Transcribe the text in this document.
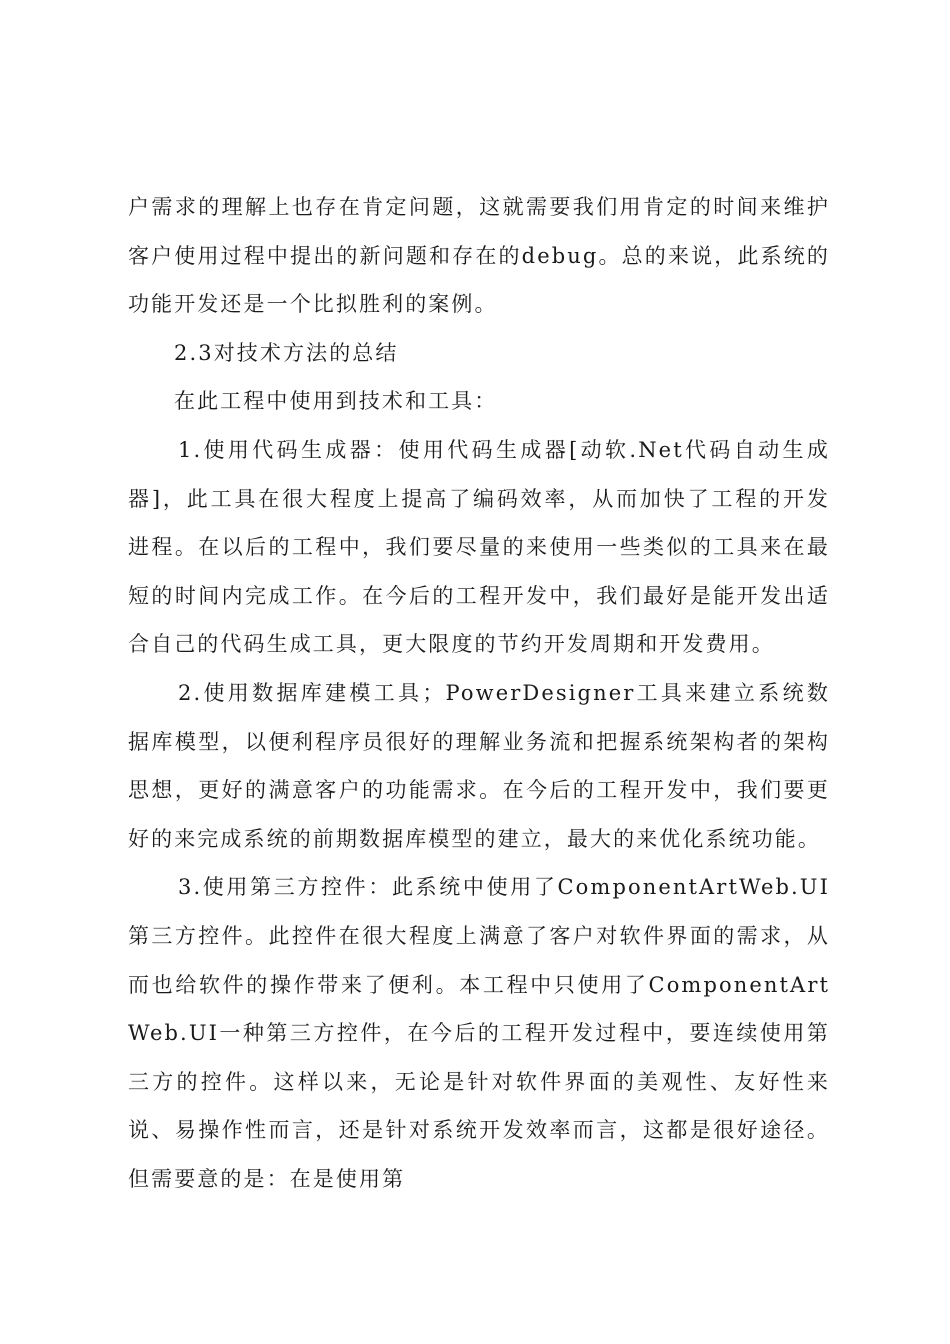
户需求的理解上也存在肯定问题，这就需要我们用肯定的时间来维护客户使用过程中提出的新问题和存在的debug。总的来说，此系统的功能开发还是一个比拟胜利的案例。

2.3对技术方法的总结

在此工程中使用到技术和工具：

1.使用代码生成器：使用代码生成器[动软.Net代码自动生成器]，此工具在很大程度上提高了编码效率，从而加快了工程的开发进程。在以后的工程中，我们要尽量的来使用一些类似的工具来在最短的时间内完成工作。在今后的工程开发中，我们最好是能开发出适合自己的代码生成工具，更大限度的节约开发周期和开发费用。

2.使用数据库建模工具；PowerDesigner工具来建立系统数据库模型，以便利程序员很好的理解业务流和把握系统架构者的架构思想，更好的满意客户的功能需求。在今后的工程开发中，我们要更好的来完成系统的前期数据库模型的建立，最大的来优化系统功能。

3.使用第三方控件：此系统中使用了ComponentArtWeb.UI第三方控件。此控件在很大程度上满意了客户对软件界面的需求，从而也给软件的操作带来了便利。本工程中只使用了ComponentArtWeb.UI一种第三方控件，在今后的工程开发过程中，要连续使用第三方的控件。这样以来，无论是针对软件界面的美观性、友好性来说、易操作性而言，还是针对系统开发效率而言，这都是很好途径。但需要意的是：在是使用第
